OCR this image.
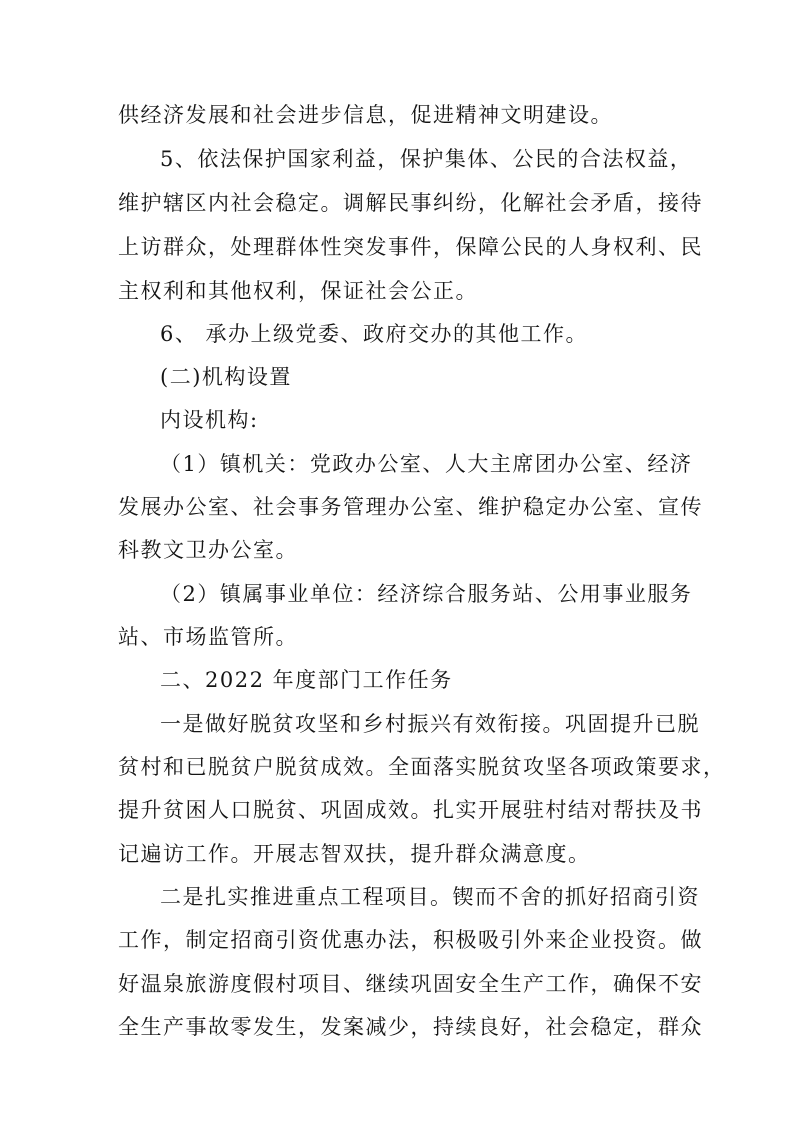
供经济发展和社会进步信息，促进精神文明建设。
5、依法保护国家利益，保护集体、公民的合法权益，
维护辖区内社会稳定。调解民事纠纷，化解社会矛盾，接待
上访群众，处理群体性突发事件，保障公民的人身权利、民
主权利和其他权利，保证社会公正。
6、 承办上级党委、政府交办的其他工作。
(二)机构设置
内设机构:
（1）镇机关：党政办公室、人大主席团办公室、经济
发展办公室、社会事务管理办公室、维护稳定办公室、宣传
科教文卫办公室。
（2）镇属事业单位：经济综合服务站、公用事业服务
站、市场监管所。
二、2022 年度部门工作任务
一是做好脱贫攻坚和乡村振兴有效衔接。巩固提升已脱
贫村和已脱贫户脱贫成效。全面落实脱贫攻坚各项政策要求，
提升贫困人口脱贫、巩固成效。扎实开展驻村结对帮扶及书
记遍访工作。开展志智双扶，提升群众满意度。
二是扎实推进重点工程项目。锲而不舍的抓好招商引资
工作，制定招商引资优惠办法，积极吸引外来企业投资。做
好温泉旅游度假村项目、继续巩固安全生产工作，确保不安
全生产事故零发生，发案减少，持续良好，社会稳定，群众
